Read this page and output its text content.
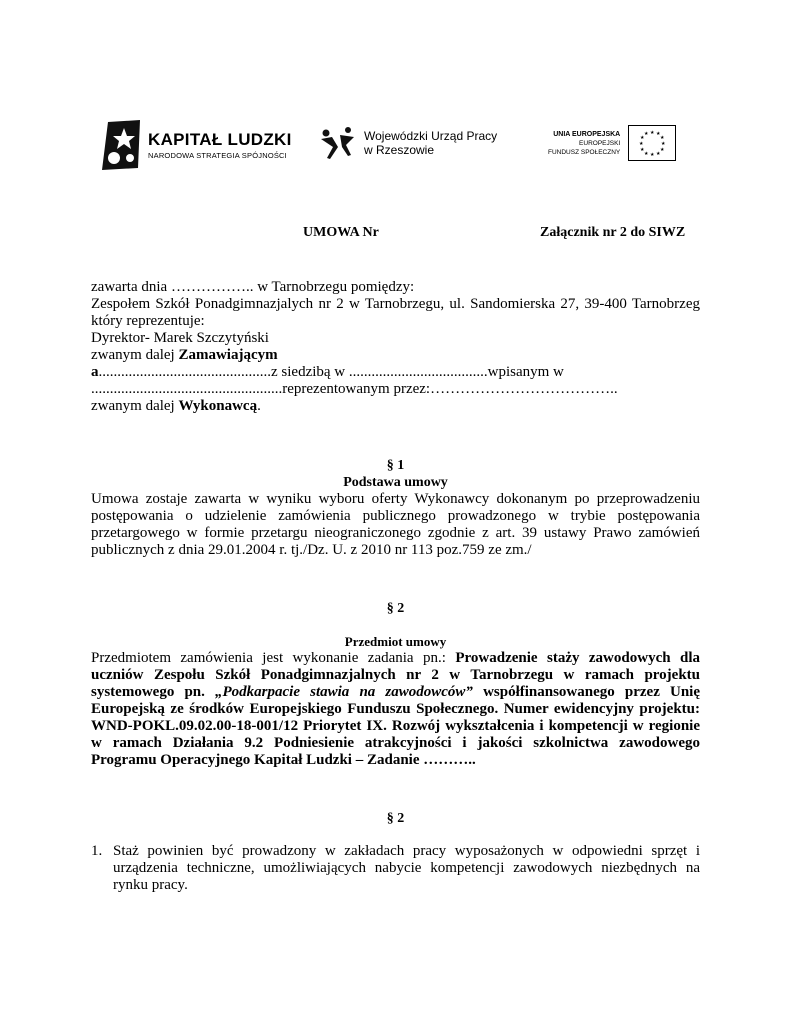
KAPITAŁ LUDZKI
NARODOWA STRATEGIA SPÓJNOŚCI
Wojewódzki Urząd Pracy
w Rzeszowie
UNIA EUROPEJSKA
EUROPEJSKI
FUNDUSZ SPOŁECZNY
★ ★
★
★
★
★
★
★
★
★
★
★
UMOWA Nr	Załącznik nr 2 do SIWZ

zawarta dnia …………….. w Tarnobrzegu pomiędzy:

Zespołem Szkół Ponadgimnazjalych nr 2 w Tarnobrzegu, ul. Sandomierska 27, 39-400 Tarnobrzeg który reprezentuje:

Dyrektor- Marek Szczytyński

zwanym dalej Zamawiającym

a..............................................z siedzibą w .....................................wpisanym w

...................................................reprezentowanym przez:………………………………..

zwanym dalej Wykonawcą.

§ 1

Podstawa umowy

Umowa zostaje zawarta w wyniku wyboru oferty Wykonawcy dokonanym po przeprowadzeniu postępowania o udzielenie zamówienia publicznego prowadzonego w trybie postępowania przetargowego w formie przetargu nieograniczonego zgodnie z art. 39 ustawy Prawo zamówień publicznych z dnia 29.01.2004 r. tj./Dz. U. z 2010 nr 113 poz.759 ze zm./

§ 2

Przedmiot umowy

Przedmiotem zamówienia jest wykonanie zadania pn.: Prowadzenie staży zawodowych dla uczniów Zespołu Szkół Ponadgimnazjalnych nr 2 w Tarnobrzegu w ramach projektu systemowego pn. „Podkarpacie stawia na zawodowców” współfinansowanego przez Unię Europejską ze środków Europejskiego Funduszu Społecznego. Numer ewidencyjny projektu: WND-POKL.09.02.00-18-001/12 Priorytet IX. Rozwój wykształcenia i kompetencji w regionie w ramach Działania 9.2 Podniesienie atrakcyjności i jakości szkolnictwa zawodowego Programu Operacyjnego Kapitał Ludzki – Zadanie ………..

§ 2

1. Staż powinien być prowadzony w zakładach pracy wyposażonych w odpowiedni sprzęt i urządzenia techniczne, umożliwiających nabycie kompetencji zawodowych niezbędnych na rynku pracy.
